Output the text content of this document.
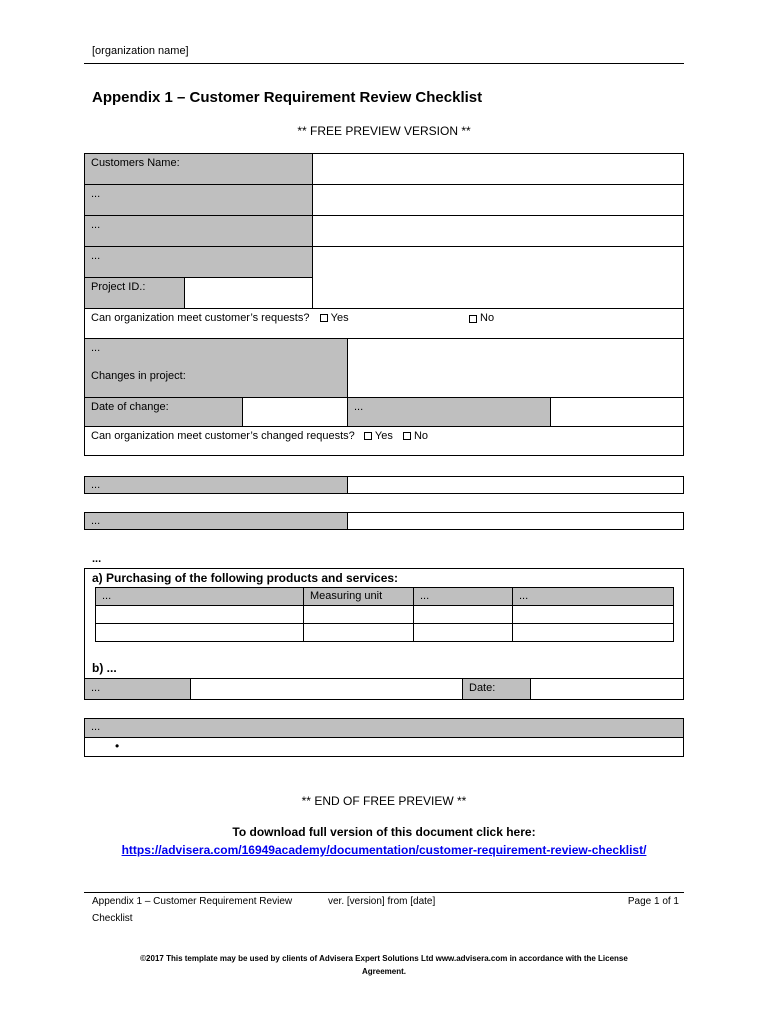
[organization name]
Appendix 1 – Customer Requirement Review Checklist
** FREE PREVIEW VERSION **
Customers Name:
...
...
...
Project ID.:
Can organization meet customer’s requests? Yes	No
...
Changes in project:
Date of change:	...
Can organization meet customer’s changed requests? Yes No
...
...
...
a) Purchasing of the following products and services:
...	Measuring unit	...	...
b) ...
...	Date:
...
•
** END OF FREE PREVIEW **
To download full version of this document click here:
https://advisera.com/16949academy/documentation/customer-requirement-review-checklist/
Appendix 1 – Customer Requirement Review
Checklist
ver. [version] from [date]	Page 1 of 1
©2017 This template may be used by clients of Advisera Expert Solutions Ltd www.advisera.com in accordance with the License
Agreement.
